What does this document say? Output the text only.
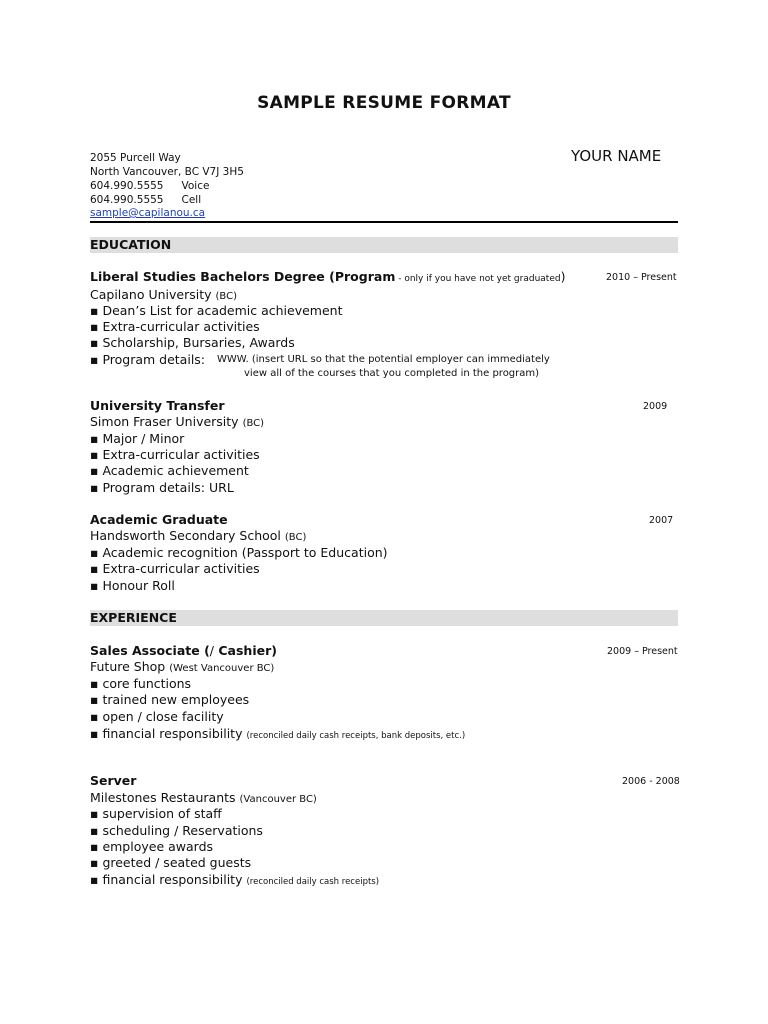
SAMPLE RESUME FORMAT
2055 Purcell Way
North Vancouver, BC V7J 3H5
604.990.5555 Voice
604.990.5555 Cell
sample@capilanou.ca
YOUR NAME
EDUCATION
Liberal Studies Bachelors Degree (Program - only if you have not yet graduated)	2010 – Present
Capilano University (BC)
▪ Dean’s List for academic achievement
▪ Extra-curricular activities
▪ Scholarship, Bursaries, Awards
▪ Program details: WWW. (insert URL so that the potential employer can immediately
view all of the courses that you completed in the program)
University Transfer	2009
Simon Fraser University (BC)
▪ Major / Minor
▪ Extra-curricular activities
▪ Academic achievement
▪ Program details: URL
Academic Graduate	2007
Handsworth Secondary School (BC)
▪ Academic recognition (Passport to Education)
▪ Extra-curricular activities
▪ Honour Roll
EXPERIENCE
Sales Associate (/ Cashier)	2009 – Present
Future Shop (West Vancouver BC)
▪ core functions
▪ trained new employees
▪ open / close facility
▪ financial responsibility (reconciled daily cash receipts, bank deposits, etc.)
Server	2006 - 2008
Milestones Restaurants (Vancouver BC)
▪ supervision of staff
▪ scheduling / Reservations
▪ employee awards
▪ greeted / seated guests
▪ financial responsibility (reconciled daily cash receipts)
